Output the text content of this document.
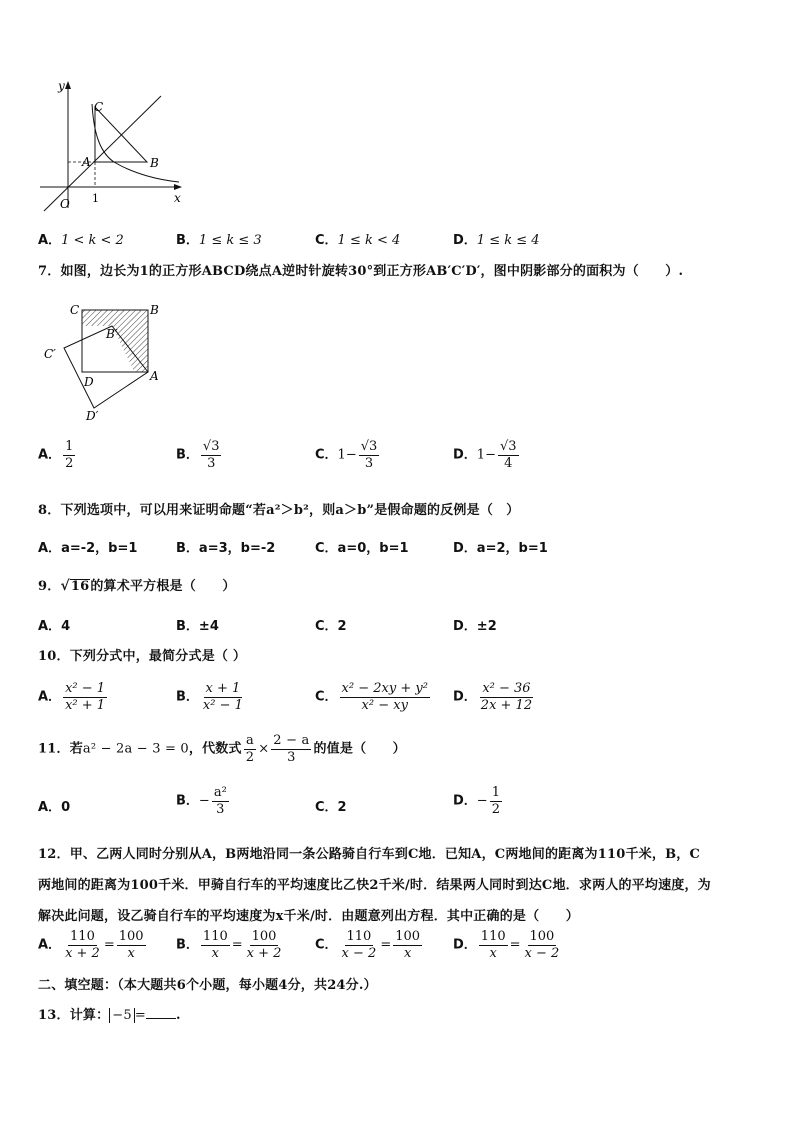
y
x
O 1
A	B
C
A．1 < k < 2	B．1 ≤ k ≤ 3	C．1 ≤ k < 4	D．1 ≤ k ≤ 4
7．如图，边长为1的正方形ABCD绕点A逆时针旋转30°到正方形AB′C′D′，图中阴影部分的面积为（　　）.
C	B
B′
C′
D	A
D′
A． $\frac{1}{2}$	B． $\frac{√3}{3}$	C．$1- \frac{√3}{3}$	D．$1- \frac{√3}{4}$
8．下列选项中，可以用来证明命题“若a²＞b²，则a＞b”是假命题的反例是（　）
A．a=-2，b=1	B．a=3，b=-2	C．a=0，b=1	D．a=2，b=1
9． √ 16 的算术平方根是（　　）
A．4	B．±4	C．2	D．±2
10．下列分式中，最简分式是（ ）
A． $\frac{\text{x² − 1}}{\text{x² + 1}}$	B． $\frac{x + 1}{\text{x² − 1}}$	C． $\frac{\text{x² − 2xy + y²}}{\text{x² − xy}}$ D． $\frac{\text{x² − 36}}{2x + 12}$
11．若a² − 2a − 3 = 0，代数式 $\frac{a}{2} \times \frac{2 - a}{3}$ 的值是（　　）
A．0	B．− $\frac{\text{a²}}{3}$	C．2	D．− $\frac{1}{2}$
12．甲、乙两人同时分别从A，B两地沿同一条公路骑自行车到C地．已知A，C两地间的距离为110千米，B，C
两地间的距离为100千米．甲骑自行车的平均速度比乙快2千米/时．结果两人同时到达C地．求两人的平均速度，为
解决此问题，设乙骑自行车的平均速度为x千米/时．由题意列出方程．其中正确的是（　　）
A． $\frac{110}{x + 2} = \frac{100}{x}$ B． $\frac{110}{x} = \frac{100}{x + 2}$ C． $\frac{110}{x - 2} = \frac{100}{x}$ D． $\frac{110}{x} = \frac{100}{x - 2}$
二、填空题：（本大题共6个小题，每小题4分，共24分.）
13．计算： −5 = .
